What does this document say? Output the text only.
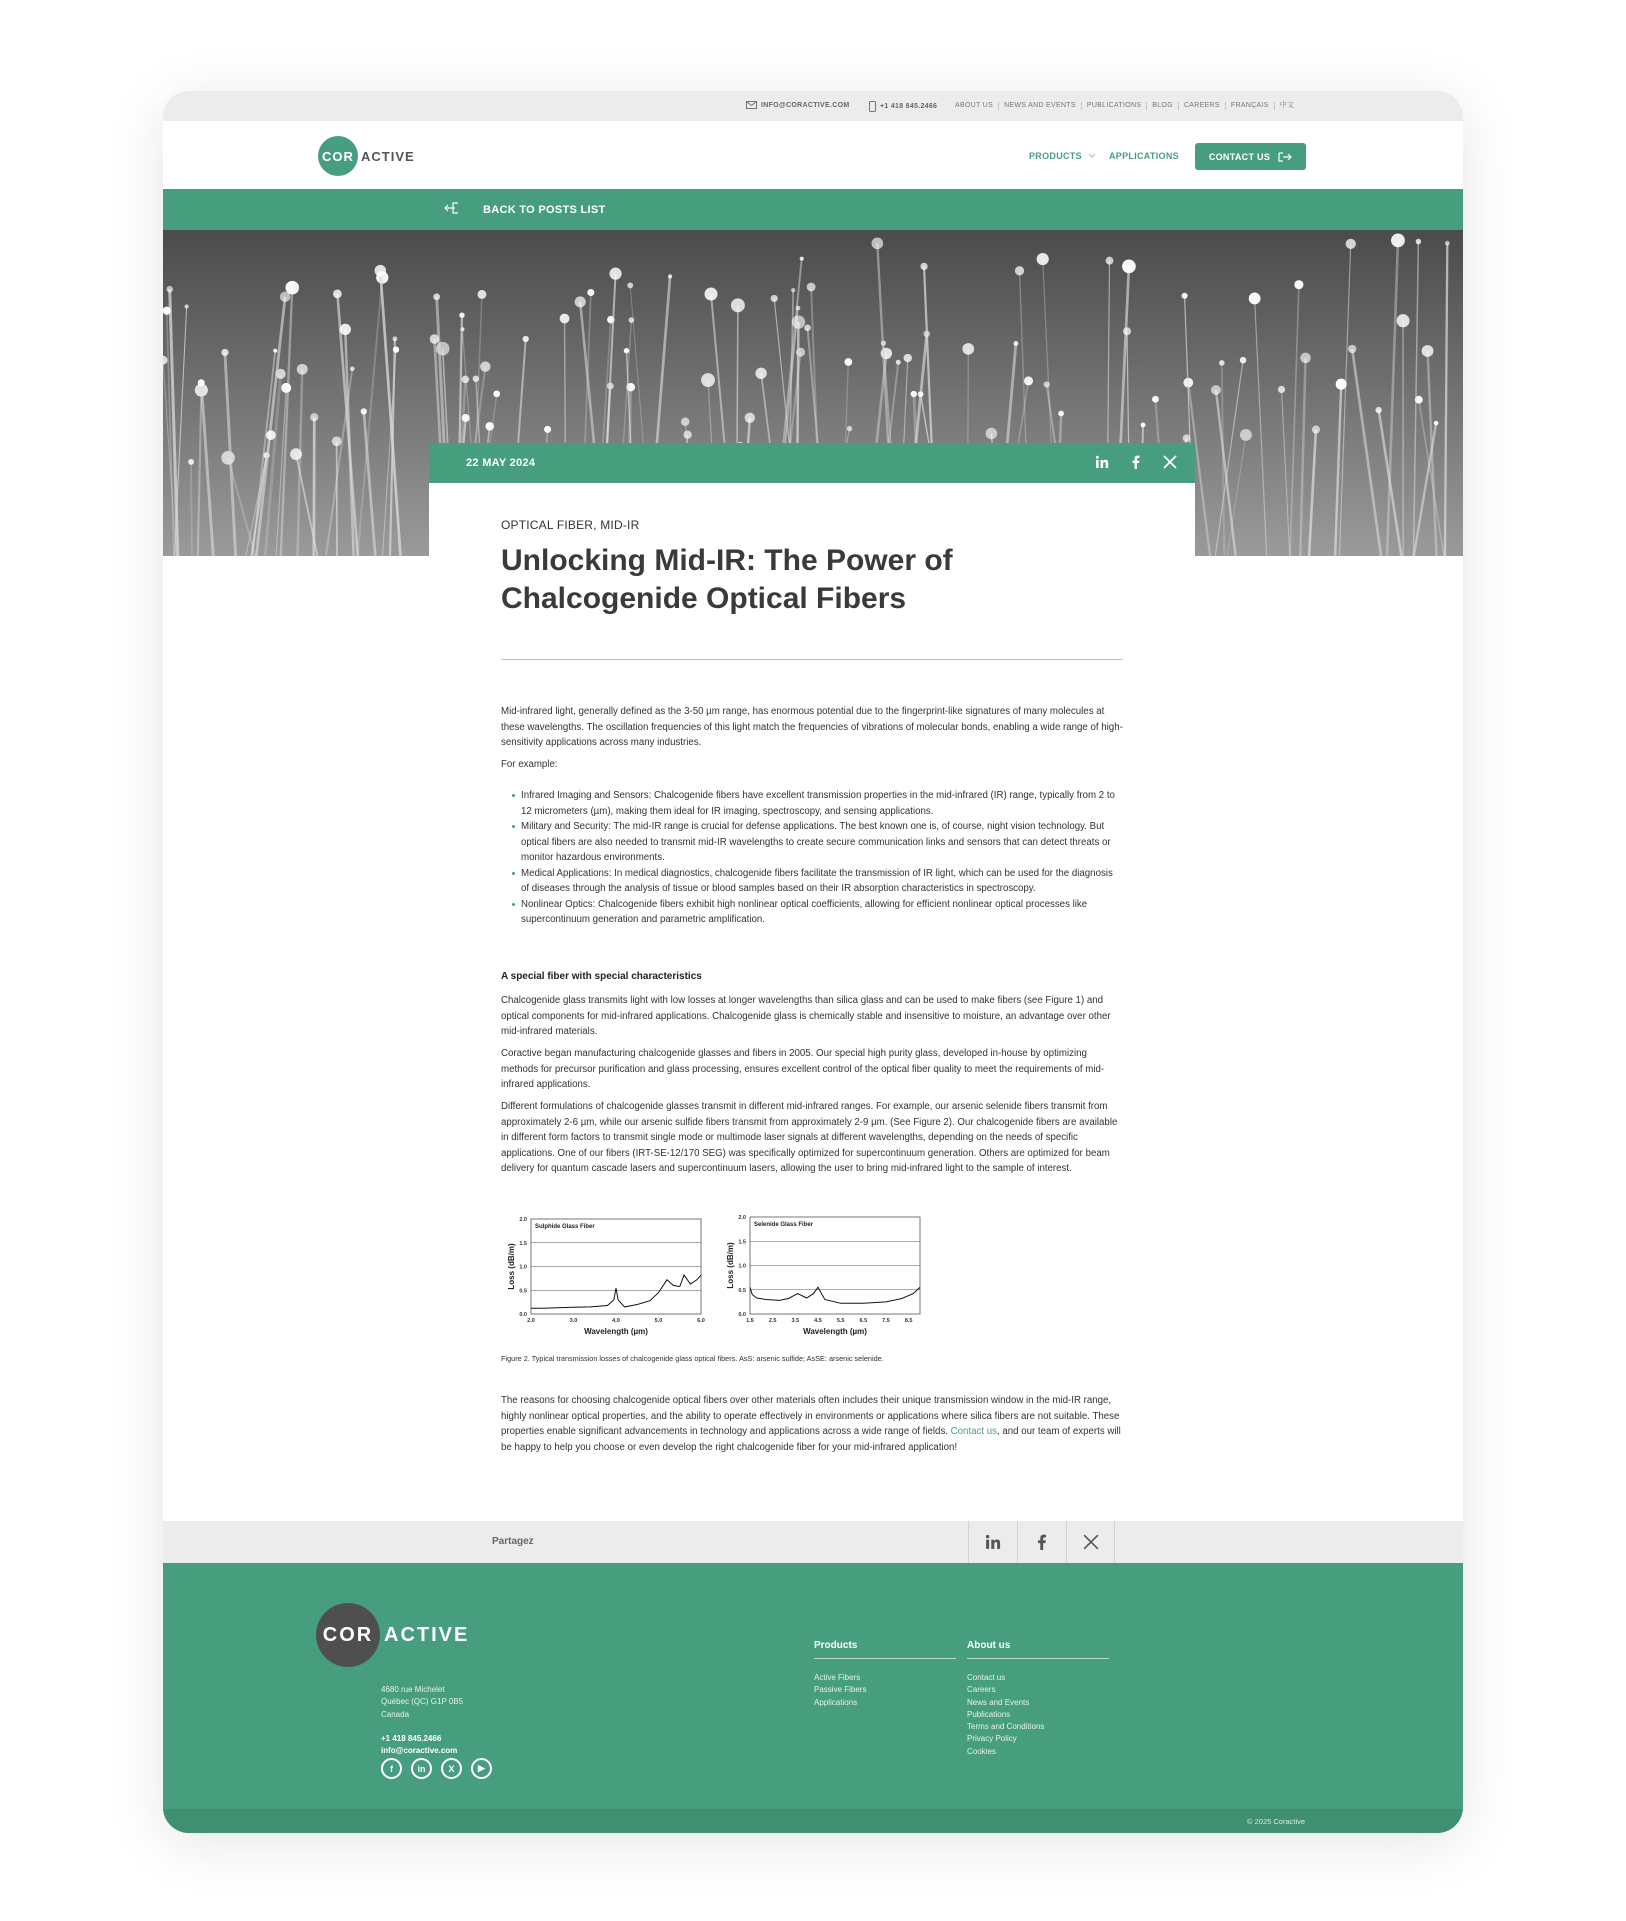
INFO@CORACTIVE.COM	+1 418 845.2466	ABOUT US	NEWS AND EVENTS	PUBLICATIONS	BLOG	CAREERS	FRANÇAIS	中文
COR ACTIVE	PRODUCTS	APPLICATIONS	CONTACT US
BACK TO POSTS LIST
22 MAY 2024
OPTICAL FIBER, MID-IR
Unlocking Mid-IR: The Power of Chalcogenide Optical Fibers

Mid-infrared light, generally defined as the 3-50 µm range, has enormous potential due to the fingerprint-like signatures of many molecules at these wavelengths. The oscillation frequencies of this light match the frequencies of vibrations of molecular bonds, enabling a wide range of high-sensitivity applications across many industries.

For example:

Infrared Imaging and Sensors: Chalcogenide fibers have excellent transmission properties in the mid-infrared (IR) range, typically from 2 to 12 micrometers (µm), making them ideal for IR imaging, spectroscopy, and sensing applications.
Military and Security: The mid-IR range is crucial for defense applications. The best known one is, of course, night vision technology. But optical fibers are also needed to transmit mid-IR wavelengths to create secure communication links and sensors that can detect threats or monitor hazardous environments.
Medical Applications: In medical diagnostics, chalcogenide fibers facilitate the transmission of IR light, which can be used for the diagnosis of diseases through the analysis of tissue or blood samples based on their IR absorption characteristics in spectroscopy.
Nonlinear Optics: Chalcogenide fibers exhibit high nonlinear optical coefficients, allowing for efficient nonlinear optical processes like supercontinuum generation and parametric amplification.
A special fiber with special characteristics

Chalcogenide glass transmits light with low losses at longer wavelengths than silica glass and can be used to make fibers (see Figure 1) and optical components for mid-infrared applications. Chalcogenide glass is chemically stable and insensitive to moisture, an advantage over other mid-infrared materials.

Coractive began manufacturing chalcogenide glasses and fibers in 2005. Our special high purity glass, developed in-house by optimizing methods for precursor purification and glass processing, ensures excellent control of the optical fiber quality to meet the requirements of mid-infrared applications.

Different formulations of chalcogenide glasses transmit in different mid-infrared ranges. For example, our arsenic selenide fibers transmit from approximately 2-6 µm, while our arsenic sulfide fibers transmit from approximately 2-9 µm. (See Figure 2). Our chalcogenide fibers are available in different form factors to transmit single mode or multimode laser signals at different wavelengths, depending on the needs of specific applications. One of our fibers (IRT-SE-12/170 SEG) was specifically optimized for supercontinuum generation. Others are optimized for beam delivery for quantum cascade lasers and supercontinuum lasers, allowing the user to bring mid-infrared light to the sample of interest.

0.0
0.5
1.0
1.5
2.0
2.0	3.0	4.0	5.0	6.0
Sulphide Glass Fiber
Wavelength (µm)
Loss (dB/m)
0.0
0.5
1.0
1.5
2.0
1.5	2.5	3.5	4.5	5.5	6.5	7.5	8.5
Selenide Glass Fiber
Wavelength (µm)
Loss (dB/m)

Figure 2. Typical transmission losses of chalcogenide glass optical fibers. AsS: arsenic sulfide; AsSE: arsenic selenide.

The reasons for choosing chalcogenide optical fibers over other materials often includes their unique transmission window in the mid-IR range, highly nonlinear optical properties, and the ability to operate effectively in environments or applications where silica fibers are not suitable. These properties enable significant advancements in technology and applications across a wide range of fields. Contact us, and our team of experts will be happy to help you choose or even develop the right chalcogenide fiber for your mid-infrared application!

Partagez
COR ACTIVE
4680 rue Michelet
Québec (QC) G1P 0B5
Canada
+1 418 845.2466
info@coractive.com
f	in	X	▶
Products
Active Fibers
Passive Fibers
Applications
About us
Contact us
Careers
News and Events
Publications
Terms and Conditions
Privacy Policy
Cookies
© 2025 Coractive
